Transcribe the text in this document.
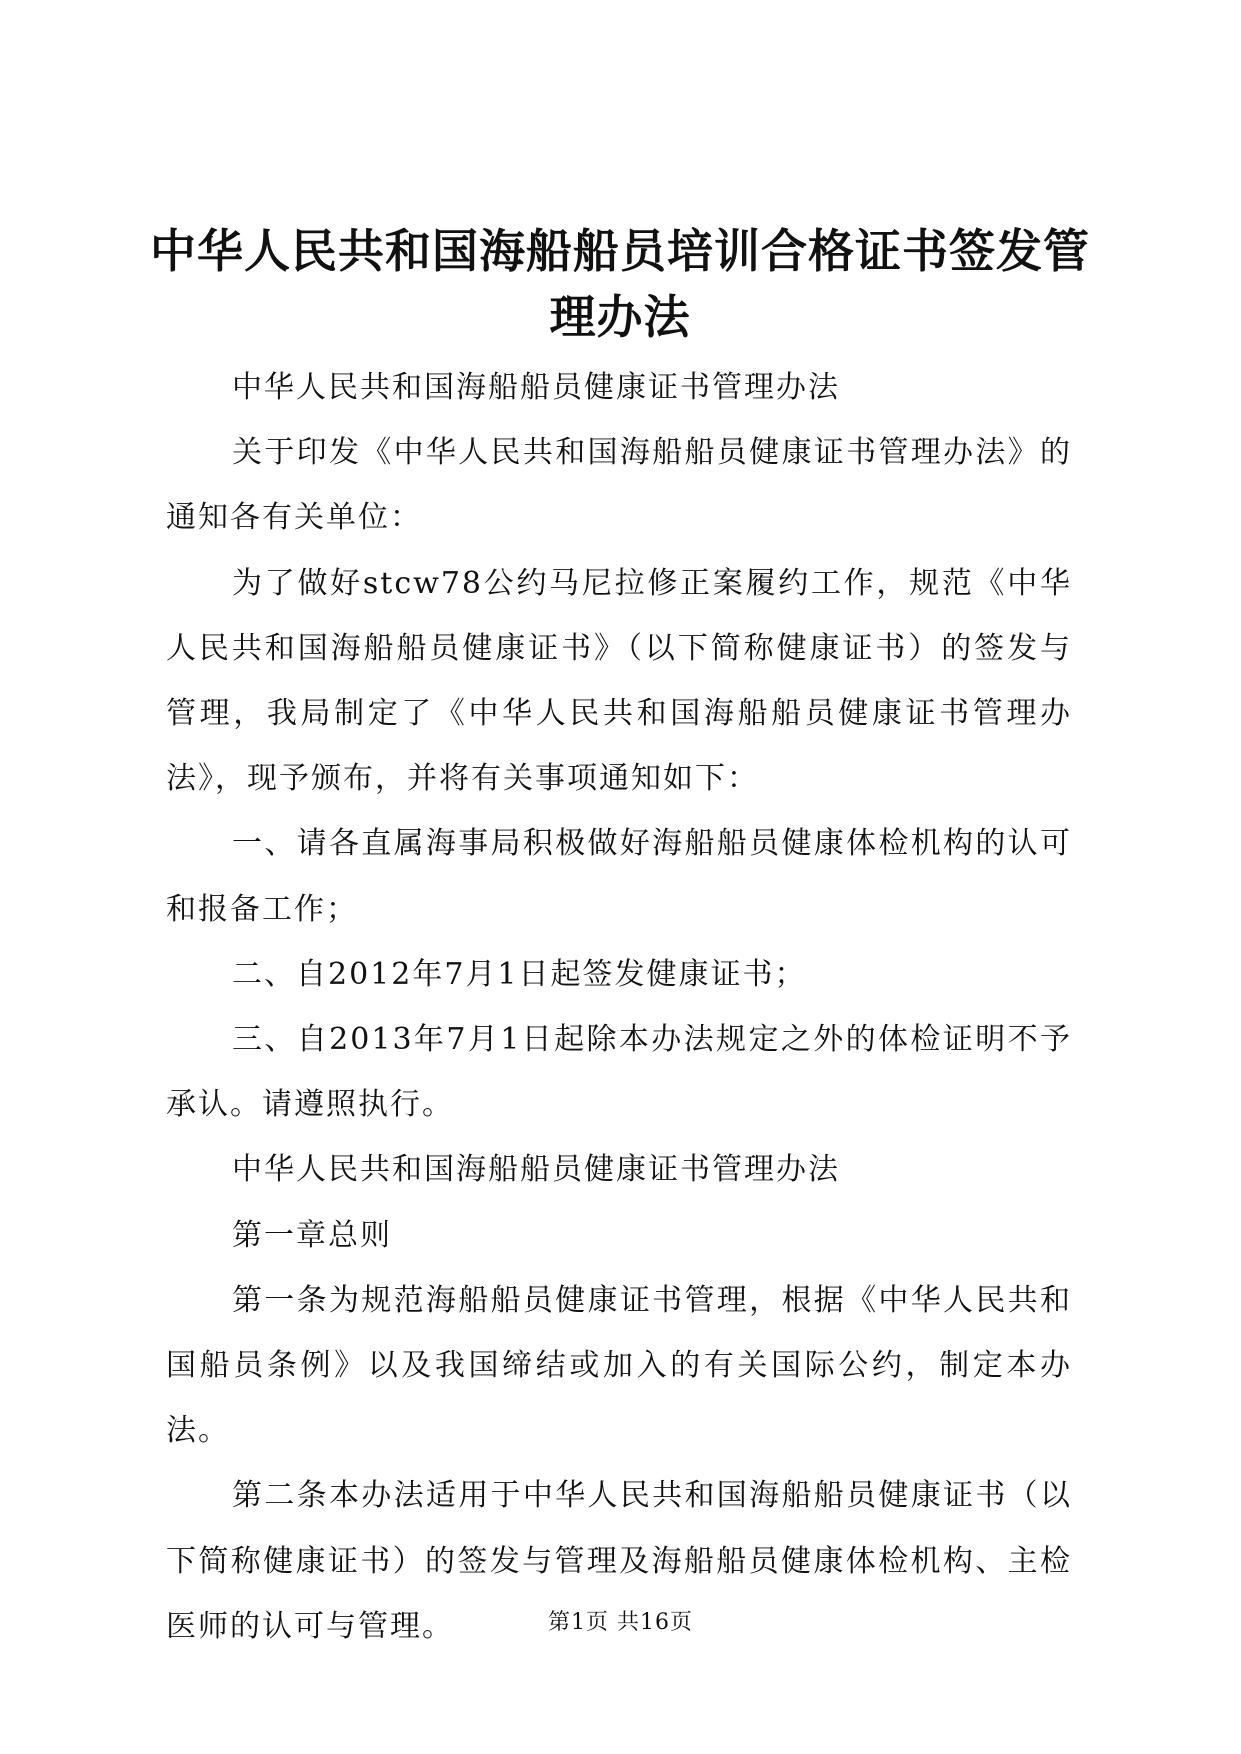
中华人民共和国海船船员培训合格证书签发管理办法

中华人民共和国海船船员健康证书管理办法

关于印发《中华人民共和国海船船员健康证书管理办法》的通知各有关单位：

为了做好stcw78公约马尼拉修正案履约工作，规范《中华人民共和国海船船员健康证书》（以下简称健康证书）的签发与管理，我局制定了《中华人民共和国海船船员健康证书管理办法》，现予颁布，并将有关事项通知如下：

一、请各直属海事局积极做好海船船员健康体检机构的认可和报备工作；

二、自2012年7月1日起签发健康证书；

三、自2013年7月1日起除本办法规定之外的体检证明不予承认。请遵照执行。

中华人民共和国海船船员健康证书管理办法

第一章总则

第一条为规范海船船员健康证书管理，根据《中华人民共和国船员条例》以及我国缔结或加入的有关国际公约，制定本办法。

第二条本办法适用于中华人民共和国海船船员健康证书（以下简称健康证书）的签发与管理及海船船员健康体检机构、主检医师的认可与管理。	第1页 共16页
